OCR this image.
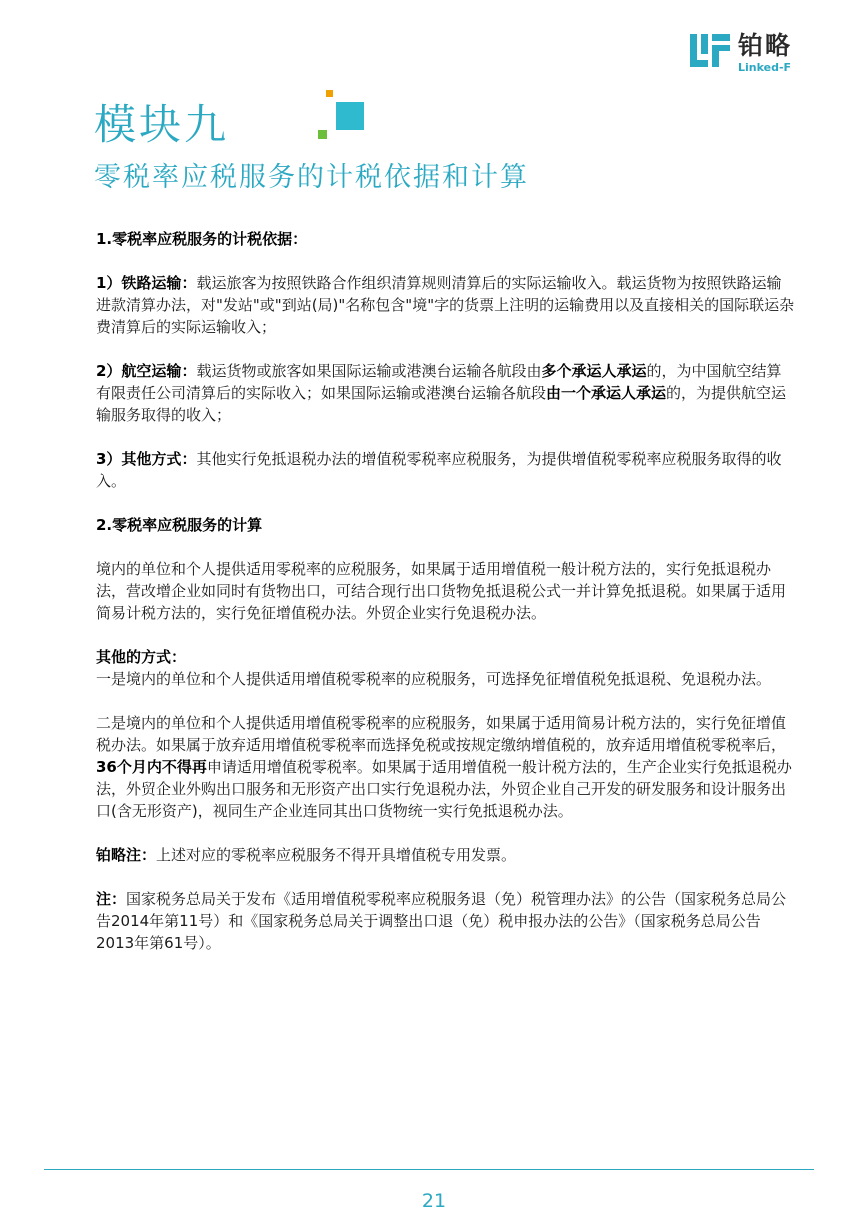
铂略
Linked-F
模块九
零税率应税服务的计税依据和计算

1.零税率应税服务的计税依据：

1）铁路运输：载运旅客为按照铁路合作组织清算规则清算后的实际运输收入。载运货物为按照铁路运输进款清算办法，对"发站"或"到站(局)"名称包含"境"字的货票上注明的运输费用以及直接相关的国际联运杂费清算后的实际运输收入；

2）航空运输：载运货物或旅客如果国际运输或港澳台运输各航段由多个承运人承运的，为中国航空结算有限责任公司清算后的实际收入；如果国际运输或港澳台运输各航段由一个承运人承运的，为提供航空运输服务取得的收入；

3）其他方式：其他实行免抵退税办法的增值税零税率应税服务，为提供增值税零税率应税服务取得的收入。

2.零税率应税服务的计算

境内的单位和个人提供适用零税率的应税服务，如果属于适用增值税一般计税方法的，实行免抵退税办法，营改增企业如同时有货物出口，可结合现行出口货物免抵退税公式一并计算免抵退税。如果属于适用简易计税方法的，实行免征增值税办法。外贸企业实行免退税办法。

其他的方式：

一是境内的单位和个人提供适用增值税零税率的应税服务，可选择免征增值税免抵退税、免退税办法。

二是境内的单位和个人提供适用增值税零税率的应税服务，如果属于适用简易计税方法的，实行免征增值税办法。如果属于放弃适用增值税零税率而选择免税或按规定缴纳增值税的，放弃适用增值税零税率后，36个月内不得再申请适用增值税零税率。如果属于适用增值税一般计税方法的，生产企业实行免抵退税办法，外贸企业外购出口服务和无形资产出口实行免退税办法，外贸企业自己开发的研发服务和设计服务出口(含无形资产)，视同生产企业连同其出口货物统一实行免抵退税办法。

铂略注：上述对应的零税率应税服务不得开具增值税专用发票。

注：国家税务总局关于发布《适用增值税零税率应税服务退（免）税管理办法》的公告（国家税务总局公告2014年第11号）和《国家税务总局关于调整出口退（免）税申报办法的公告》（国家税务总局公告2013年第61号）。

21
